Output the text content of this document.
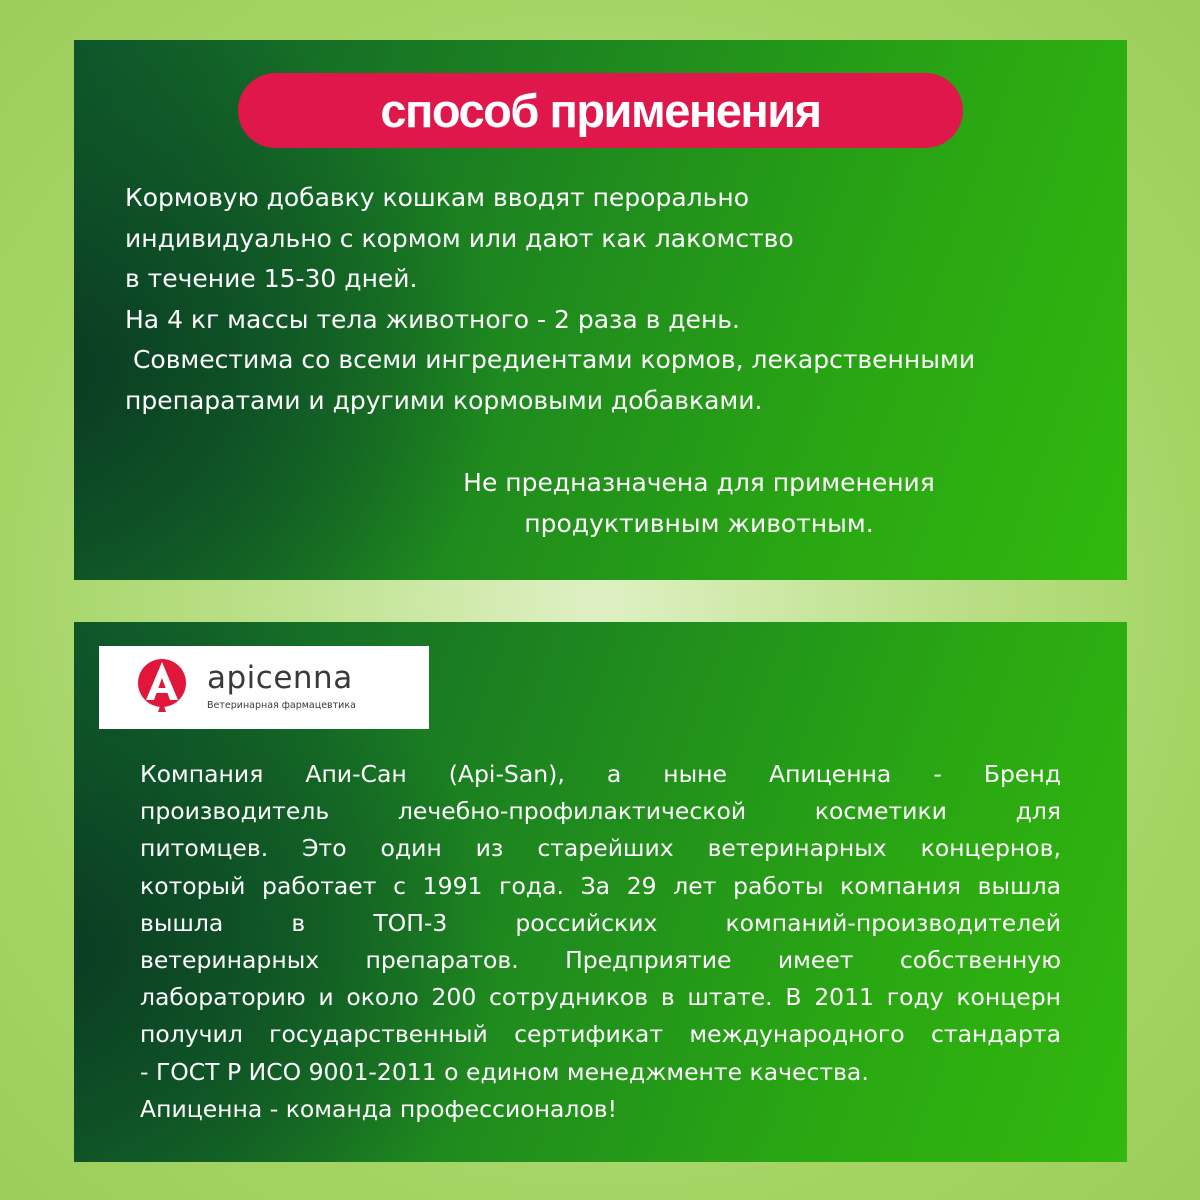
способ применения
Кормовую добавку кошкам вводят перорально
индивидуально с кормом или дают как лакомство
в течение 15-30 дней.
На 4 кг массы тела животного - 2 раза в день.
Совместима со всеми ингредиентами кормов, лекарственными
препаратами и другими кормовыми добавками.
Не предназначена для применения
продуктивным животным.
apicenna
Ветеринарная фармацевтика
Компания Апи-Сан (Api-San), а ныне Апиценна - Бренд
производитель лечебно-профилактической косметики для
питомцев. Это один из старейших ветеринарных концернов,
который работает с 1991 года. За 29 лет работы компания вышла
вышла в ТОП-3 российских компаний-производителей
ветеринарных препаратов. Предприятие имеет собственную
лабораторию и около 200 сотрудников в штате. В 2011 году концерн
получил государственный сертификат международного стандарта
- ГОСТ Р ИСО 9001-2011 о едином менеджменте качества.
Апиценна - команда профессионалов!
